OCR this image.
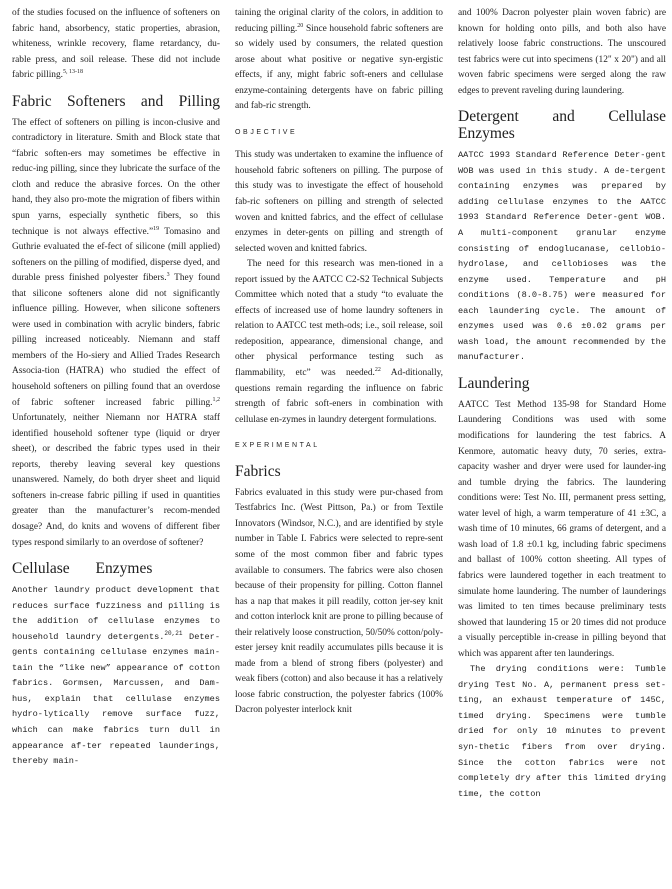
of the studies focused on the influence of softeners on fabric hand, absorbency, static properties, abrasion, whiteness, wrinkle recovery, flame retardancy, du-rable press, and soil release. These did not include fabric pilling.$^{5, 13-18}$

Fabric Softeners and Pilling

The effect of softeners on pilling is incon-clusive and contradictory in literature. Smith and Block state that “fabric soften-ers may sometimes be effective in reduc-ing pilling, since they lubricate the surface of the cloth and reduce the abrasive forces. On the other hand, they also pro-mote the migration of fibers within spun yarns, especially synthetic fibers, so this technique is not always effective.”$^{19}$ Tomasino and Guthrie evaluated the ef-fect of silicone (mill applied) softeners on the pilling of modified, disperse dyed, and durable press finished polyester fibers.$^3$ They found that silicone softeners alone did not significantly influence pilling. However, when silicone softeners were used in combination with acrylic binders, fabric pilling increased noticeably. Niemann and staff members of the Ho-siery and Allied Trades Research Associa-tion (HATRA) who studied the effect of household softeners on pilling found that an overdose of fabric softener increased fabric pilling.$^{1,2}$ Unfortunately, neither Niemann nor HATRA staff identified household softener type (liquid or dryer sheet), or described the fabric types used in their reports, thereby leaving several key questions unanswered. Namely, do both dryer sheet and liquid softeners in-crease fabric pilling if used in quantities greater than the manufacturer’s recom-mended dosage? And, do knits and wovens of different fiber types respond similarly to an overdose of softener?

Cellulase Enzymes

Another laundry product development that reduces surface fuzziness and pilling is the addition of cellulase enzymes to household laundry detergents.$^{20,21}$ Deter-gents containing cellulase enzymes main-tain the “like new” appearance of cotton fabrics. Gormsen, Marcussen, and Dam-hus, explain that cellulase enzymes hydro-lytically remove surface fuzz, which can make fabrics turn dull in appearance af-ter repeated launderings, thereby main-

taining the original clarity of the colors, in addition to reducing pilling.$^{20}$ Since household fabric softeners are so widely used by consumers, the related question arose about what positive or negative syn-ergistic effects, if any, might fabric soft-eners and cellulase enzyme-containing detergents have on fabric pilling and fab-ric strength.

OBJECTIVE

This study was undertaken to examine the influence of household fabric softeners on pilling. The purpose of this study was to investigate the effect of household fab-ric softeners on pilling and strength of selected woven and knitted fabrics, and the effect of cellulase enzymes in deter-gents on pilling and strength of selected woven and knitted fabrics.

The need for this research was men-tioned in a report issued by the AATCC C2-S2 Technical Subjects Committee which noted that a study “to evaluate the effects of increased use of home laundry softeners in relation to AATCC test meth-ods; i.e., soil release, soil redeposition, appearance, dimensional change, and other physical performance testing such as flammability, etc” was needed.$^{22}$ Ad-ditionally, questions remain regarding the influence on fabric strength of fabric soft-eners in combination with cellulase en-zymes in laundry detergent formulations.

EXPERIMENTAL
Fabrics

Fabrics evaluated in this study were pur-chased from Testfabrics Inc. (West Pittson, Pa.) or from Textile Innovators (Windsor, N.C.), and are identified by style number in Table I. Fabrics were selected to repre-sent some of the most common fiber and fabric types available to consumers. The fabrics were also chosen because of their propensity for pilling. Cotton flannel has a nap that makes it pill readily, cotton jer-sey knit and cotton interlock knit are prone to pilling because of their relatively loose construction, 50/50% cotton/poly-ester jersey knit readily accumulates pills because it is made from a blend of strong fibers (polyester) and weak fibers (cotton) and also because it has a relatively loose fabric construction, the polyester fabrics (100% Dacron polyester interlock knit

and 100% Dacron polyester plain woven fabric) are known for holding onto pills, and both also have relatively loose fabric constructions. The unscoured test fabrics were cut into specimens (12" x 20") and all woven fabric specimens were serged along the raw edges to prevent raveling during laundering.

Detergent and Cellulase Enzymes

AATCC 1993 Standard Reference Deter-gent WOB was used in this study. A de-tergent containing enzymes was prepared by adding cellulase enzymes to the AATCC 1993 Standard Reference Deter-gent WOB. A multi-component granular enzyme consisting of endoglucanase, cellobio-hydrolase, and cellobioses was the enzyme used. Temperature and pH conditions (8.0-8.75) were measured for each laundering cycle. The amount of enzymes used was 0.6 ±0.02 grams per wash load, the amount recommended by the manufacturer.

Laundering

AATCC Test Method 135-98 for Standard Home Laundering Conditions was used with some modifications for laundering the test fabrics. A Kenmore, automatic heavy duty, 70 series, extra-capacity washer and dryer were used for launder-ing and tumble drying the fabrics. The laundering conditions were: Test No. III, permanent press setting, water level of high, a warm temperature of 41 ±3C, a wash time of 10 minutes, 66 grams of detergent, and a wash load of 1.8 ±0.1 kg, including fabric specimens and ballast of 100% cotton sheeting. All types of fabrics were laundered together in each treatment to simulate home laundering. The number of launderings was limited to ten times because preliminary tests showed that laundering 15 or 20 times did not produce a visually perceptible in-crease in pilling beyond that which was apparent after ten launderings.

The drying conditions were: Tumble drying Test No. A, permanent press set-ting, an exhaust temperature of 145C, timed drying. Specimens were tumble dried for only 10 minutes to prevent syn-thetic fibers from over drying. Since the cotton fabrics were not completely dry after this limited drying time, the cotton
